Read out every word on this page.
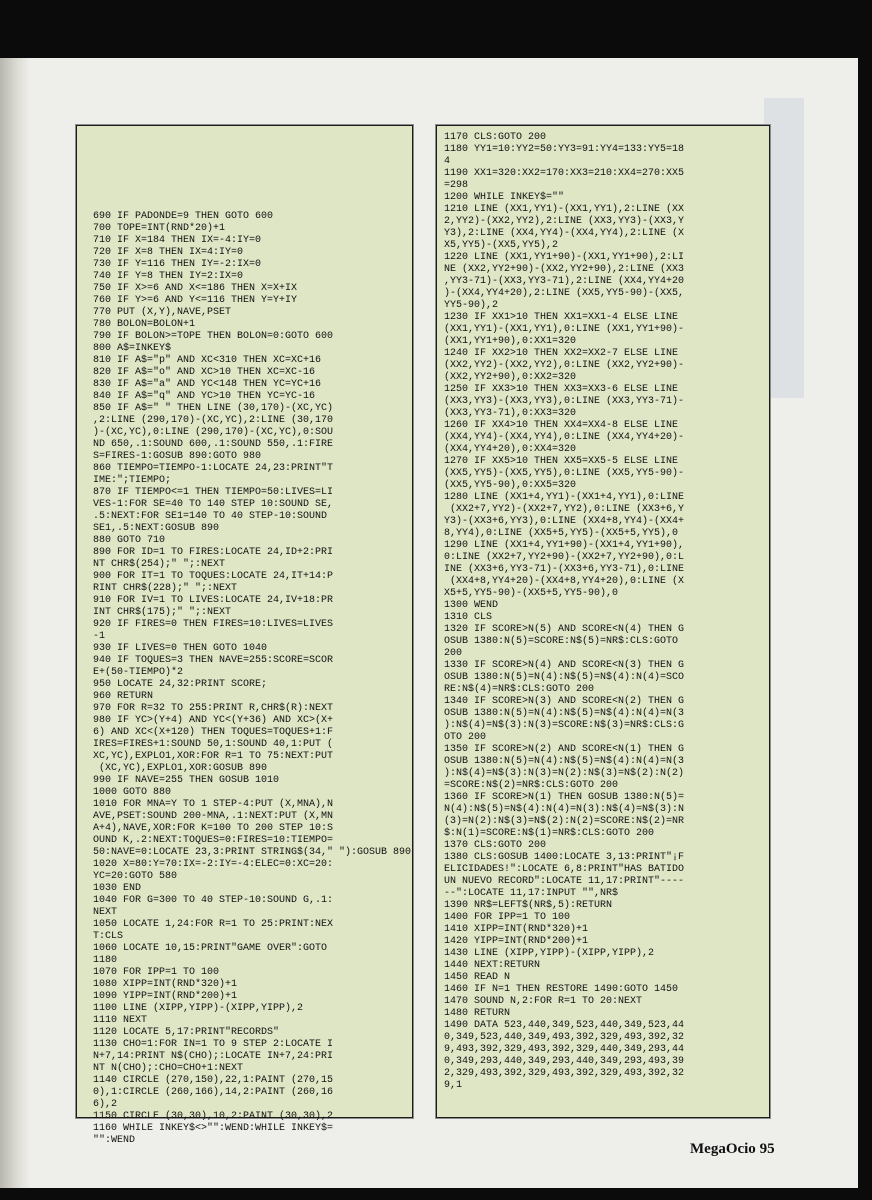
690 IF PADONDE=9 THEN GOTO 600
700 TOPE=INT(RND*20)+1
710 IF X=184 THEN IX=-4:IY=0
720 IF X=8 THEN IX=4:IY=0
730 IF Y=116 THEN IY=-2:IX=0
740 IF Y=8 THEN IY=2:IX=0
750 IF X>=6 AND X<=186 THEN X=X+IX
760 IF Y>=6 AND Y<=116 THEN Y=Y+IY
770 PUT (X,Y),NAVE,PSET
780 BOLON=BOLON+1
790 IF BOLON>=TOPE THEN BOLON=0:GOTO 600
800 A$=INKEY$
810 IF A$="p" AND XC<310 THEN XC=XC+16
820 IF A$="o" AND XC>10 THEN XC=XC-16
830 IF A$="a" AND YC<148 THEN YC=YC+16
840 IF A$="q" AND YC>10 THEN YC=YC-16
850 IF A$=" " THEN LINE (30,170)-(XC,YC)
,2:LINE (290,170)-(XC,YC),2:LINE (30,170
)-(XC,YC),0:LINE (290,170)-(XC,YC),0:SOU
ND 650,.1:SOUND 600,.1:SOUND 550,.1:FIRE
S=FIRES-1:GOSUB 890:GOTO 980
860 TIEMPO=TIEMPO-1:LOCATE 24,23:PRINT"T
IME:";TIEMPO;
870 IF TIEMPO<=1 THEN TIEMPO=50:LIVES=LI
VES-1:FOR SE=40 TO 140 STEP 10:SOUND SE,
.5:NEXT:FOR SE1=140 TO 40 STEP-10:SOUND
SE1,.5:NEXT:GOSUB 890
880 GOTO 710
890 FOR ID=1 TO FIRES:LOCATE 24,ID+2:PRI
NT CHR$(254);" ";:NEXT
900 FOR IT=1 TO TOQUES:LOCATE 24,IT+14:P
RINT CHR$(228);" ";:NEXT
910 FOR IV=1 TO LIVES:LOCATE 24,IV+18:PR
INT CHR$(175);" ";:NEXT
920 IF FIRES=0 THEN FIRES=10:LIVES=LIVES
-1
930 IF LIVES=0 THEN GOTO 1040
940 IF TOQUES=3 THEN NAVE=255:SCORE=SCOR
E+(50-TIEMPO)*2
950 LOCATE 24,32:PRINT SCORE;
960 RETURN
970 FOR R=32 TO 255:PRINT R,CHR$(R):NEXT
980 IF YC>(Y+4) AND YC<(Y+36) AND XC>(X+
6) AND XC<(X+120) THEN TOQUES=TOQUES+1:F
IRES=FIRES+1:SOUND 50,1:SOUND 40,1:PUT (
XC,YC),EXPLO1,XOR:FOR R=1 TO 75:NEXT:PUT
(XC,YC),EXPLO1,XOR:GOSUB 890
990 IF NAVE=255 THEN GOSUB 1010
1000 GOTO 880
1010 FOR MNA=Y TO 1 STEP-4:PUT (X,MNA),N
AVE,PSET:SOUND 200-MNA,.1:NEXT:PUT (X,MN
A+4),NAVE,XOR:FOR K=100 TO 200 STEP 10:S
OUND K,.2:NEXT:TOQUES=0:FIRES=10:TIEMPO=
50:NAVE=0:LOCATE 23,3:PRINT STRING$(34," "):GOSUB 890
1020 X=80:Y=70:IX=-2:IY=-4:ELEC=0:XC=20:
YC=20:GOTO 580
1030 END
1040 FOR G=300 TO 40 STEP-10:SOUND G,.1:
NEXT
1050 LOCATE 1,24:FOR R=1 TO 25:PRINT:NEX
T:CLS
1060 LOCATE 10,15:PRINT"GAME OVER":GOTO
1180
1070 FOR IPP=1 TO 100
1080 XIPP=INT(RND*320)+1
1090 YIPP=INT(RND*200)+1
1100 LINE (XIPP,YIPP)-(XIPP,YIPP),2
1110 NEXT
1120 LOCATE 5,17:PRINT"RECORDS"
1130 CHO=1:FOR IN=1 TO 9 STEP 2:LOCATE I
N+7,14:PRINT N$(CHO);:LOCATE IN+7,24:PRI
NT N(CHO);:CHO=CHO+1:NEXT
1140 CIRCLE (270,150),22,1:PAINT (270,15
0),1:CIRCLE (260,166),14,2:PAINT (260,16
6),2
1150 CIRCLE (30,30),10,2:PAINT (30,30),2
1160 WHILE INKEY$<>"":WEND:WHILE INKEY$=
"":WEND
1170 CLS:GOTO 200
1180 YY1=10:YY2=50:YY3=91:YY4=133:YY5=18
4
1190 XX1=320:XX2=170:XX3=210:XX4=270:XX5
=298
1200 WHILE INKEY$=""
1210 LINE (XX1,YY1)-(XX1,YY1),2:LINE (XX
2,YY2)-(XX2,YY2),2:LINE (XX3,YY3)-(XX3,Y
Y3),2:LINE (XX4,YY4)-(XX4,YY4),2:LINE (X
X5,YY5)-(XX5,YY5),2
1220 LINE (XX1,YY1+90)-(XX1,YY1+90),2:LI
NE (XX2,YY2+90)-(XX2,YY2+90),2:LINE (XX3
,YY3-71)-(XX3,YY3-71),2:LINE (XX4,YY4+20
)-(XX4,YY4+20),2:LINE (XX5,YY5-90)-(XX5,
YY5-90),2
1230 IF XX1>10 THEN XX1=XX1-4 ELSE LINE
(XX1,YY1)-(XX1,YY1),0:LINE (XX1,YY1+90)-
(XX1,YY1+90),0:XX1=320
1240 IF XX2>10 THEN XX2=XX2-7 ELSE LINE
(XX2,YY2)-(XX2,YY2),0:LINE (XX2,YY2+90)-
(XX2,YY2+90),0:XX2=320
1250 IF XX3>10 THEN XX3=XX3-6 ELSE LINE
(XX3,YY3)-(XX3,YY3),0:LINE (XX3,YY3-71)-
(XX3,YY3-71),0:XX3=320
1260 IF XX4>10 THEN XX4=XX4-8 ELSE LINE
(XX4,YY4)-(XX4,YY4),0:LINE (XX4,YY4+20)-
(XX4,YY4+20),0:XX4=320
1270 IF XX5>10 THEN XX5=XX5-5 ELSE LINE
(XX5,YY5)-(XX5,YY5),0:LINE (XX5,YY5-90)-
(XX5,YY5-90),0:XX5=320
1280 LINE (XX1+4,YY1)-(XX1+4,YY1),0:LINE
(XX2+7,YY2)-(XX2+7,YY2),0:LINE (XX3+6,Y
Y3)-(XX3+6,YY3),0:LINE (XX4+8,YY4)-(XX4+
8,YY4),0:LINE (XX5+5,YY5)-(XX5+5,YY5),0
1290 LINE (XX1+4,YY1+90)-(XX1+4,YY1+90),
0:LINE (XX2+7,YY2+90)-(XX2+7,YY2+90),0:L
INE (XX3+6,YY3-71)-(XX3+6,YY3-71),0:LINE
(XX4+8,YY4+20)-(XX4+8,YY4+20),0:LINE (X
X5+5,YY5-90)-(XX5+5,YY5-90),0
1300 WEND
1310 CLS
1320 IF SCORE>N(5) AND SCORE<N(4) THEN G
OSUB 1380:N(5)=SCORE:N$(5)=NR$:CLS:GOTO
200
1330 IF SCORE>N(4) AND SCORE<N(3) THEN G
OSUB 1380:N(5)=N(4):N$(5)=N$(4):N(4)=SCO
RE:N$(4)=NR$:CLS:GOTO 200
1340 IF SCORE>N(3) AND SCORE<N(2) THEN G
OSUB 1380:N(5)=N(4):N$(5)=N$(4):N(4)=N(3
):N$(4)=N$(3):N(3)=SCORE:N$(3)=NR$:CLS:G
OTO 200
1350 IF SCORE>N(2) AND SCORE<N(1) THEN G
OSUB 1380:N(5)=N(4):N$(5)=N$(4):N(4)=N(3
):N$(4)=N$(3):N(3)=N(2):N$(3)=N$(2):N(2)
=SCORE:N$(2)=NR$:CLS:GOTO 200
1360 IF SCORE>N(1) THEN GOSUB 1380:N(5)=
N(4):N$(5)=N$(4):N(4)=N(3):N$(4)=N$(3):N
(3)=N(2):N$(3)=N$(2):N(2)=SCORE:N$(2)=NR
$:N(1)=SCORE:N$(1)=NR$:CLS:GOTO 200
1370 CLS:GOTO 200
1380 CLS:GOSUB 1400:LOCATE 3,13:PRINT"¡F
ELICIDADES!":LOCATE 6,8:PRINT"HAS BATIDO
UN NUEVO RECORD":LOCATE 11,17:PRINT"----
--":LOCATE 11,17:INPUT "",NR$
1390 NR$=LEFT$(NR$,5):RETURN
1400 FOR IPP=1 TO 100
1410 XIPP=INT(RND*320)+1
1420 YIPP=INT(RND*200)+1
1430 LINE (XIPP,YIPP)-(XIPP,YIPP),2
1440 NEXT:RETURN
1450 READ N
1460 IF N=1 THEN RESTORE 1490:GOTO 1450
1470 SOUND N,2:FOR R=1 TO 20:NEXT
1480 RETURN
1490 DATA 523,440,349,523,440,349,523,44
0,349,523,440,349,493,392,329,493,392,32
9,493,392,329,493,392,329,440,349,293,44
0,349,293,440,349,293,440,349,293,493,39
2,329,493,392,329,493,392,329,493,392,32
9,1
MegaOcio 95
